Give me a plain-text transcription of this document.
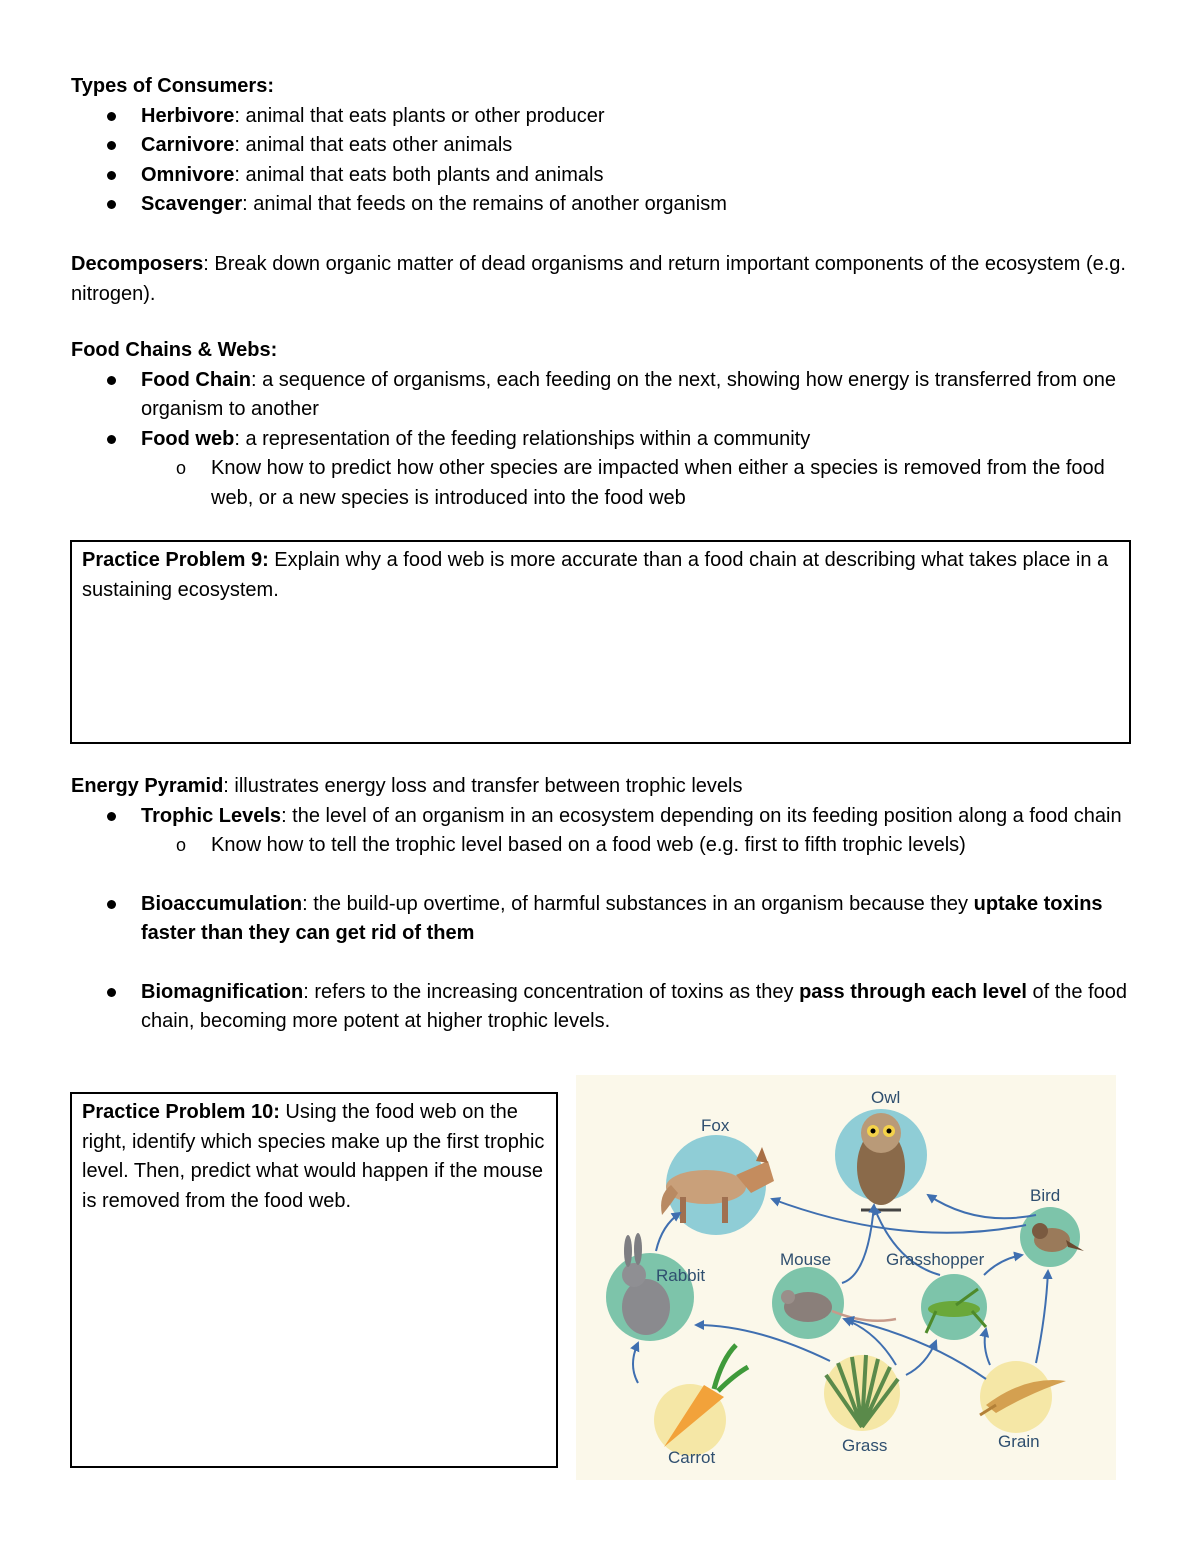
Types of Consumers:
Herbivore: animal that eats plants or other producer
Carnivore: animal that eats other animals
Omnivore: animal that eats both plants and animals
Scavenger: animal that feeds on the remains of another organism
Decomposers: Break down organic matter of dead organisms and return important components of the ecosystem (e.g. nitrogen).
Food Chains & Webs:
Food Chain: a sequence of organisms, each feeding on the next, showing how energy is transferred from one organism to another
Food web: a representation of the feeding relationships within a community
o Know how to predict how other species are impacted when either a species is removed from the food web, or a new species is introduced into the food web
Practice Problem 9: Explain why a food web is more accurate than a food chain at describing what takes place in a sustaining ecosystem.
Energy Pyramid: illustrates energy loss and transfer between trophic levels
Trophic Levels: the level of an organism in an ecosystem depending on its feeding position along a food chain
o Know how to tell the trophic level based on a food web (e.g. first to fifth trophic levels)
Bioaccumulation: the build-up overtime, of harmful substances in an organism because they uptake toxins faster than they can get rid of them
Biomagnification: refers to the increasing concentration of toxins as they pass through each level of the food chain, becoming more potent at higher trophic levels.
Practice Problem 10: Using the food web on the right, identify which species make up the first trophic level. Then, predict what would happen if the mouse is removed from the food web.
Fox
Owl
Bird
Rabbit
Mouse	Grasshopper
Carrot
Grass	Grain
